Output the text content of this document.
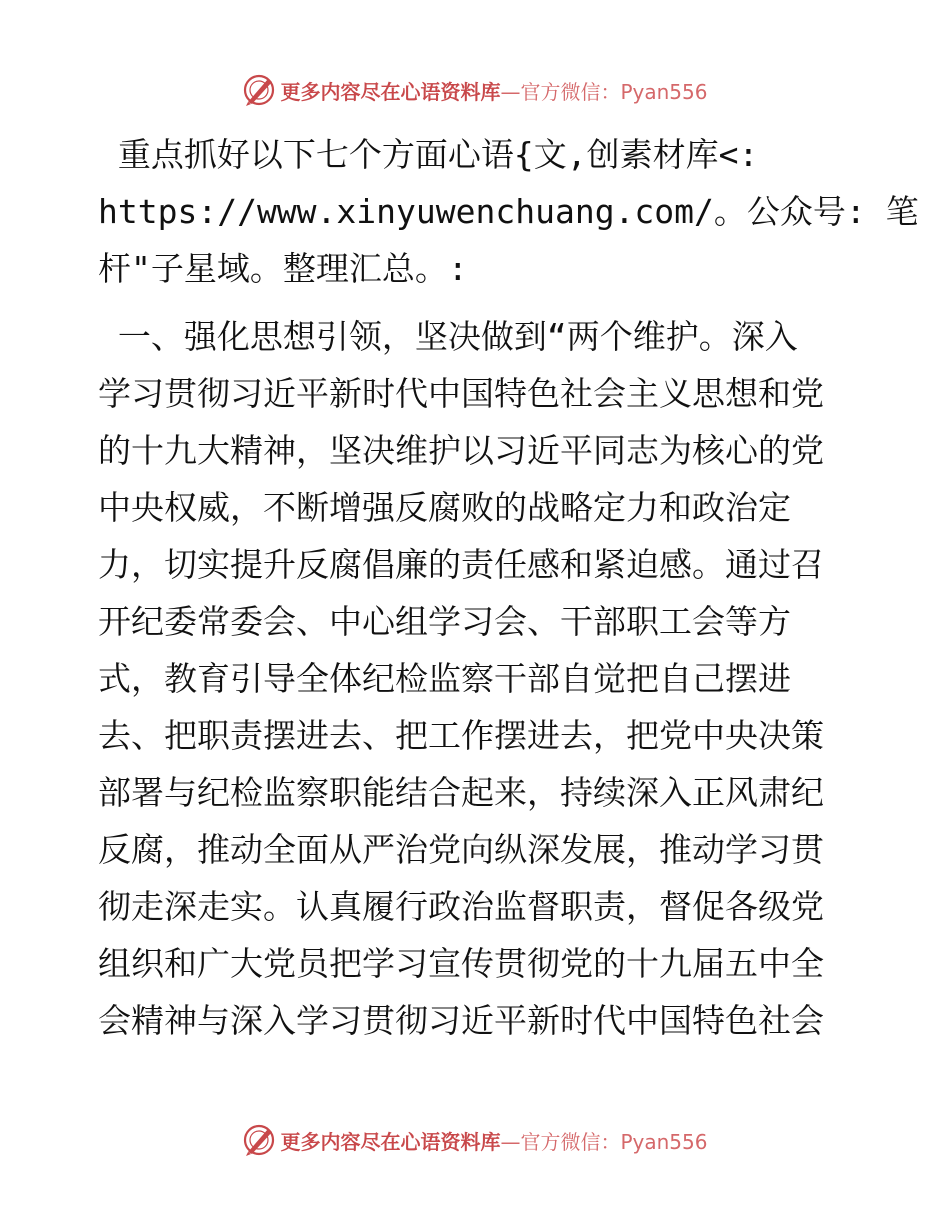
更多内容尽在心语资料库 —官方微信：Pyan556
重点抓好以下七个方面心语{文,创素材库<:
https://www.xinyuwenchuang.com/。公众号: 笔
杆"子星域。整理汇总。:
一、强化思想引领，坚决做到“两个维护。深入
学习贯彻习近平新时代中国特色社会主义思想和党
的十九大精神，坚决维护以习近平同志为核心的党
中央权威，不断增强反腐败的战略定力和政治定
力，切实提升反腐倡廉的责任感和紧迫感。通过召
开纪委常委会、中心组学习会、干部职工会等方
式，教育引导全体纪检监察干部自觉把自己摆进
去、把职责摆进去、把工作摆进去，把党中央决策
部署与纪检监察职能结合起来，持续深入正风肃纪
反腐，推动全面从严治党向纵深发展，推动学习贯
彻走深走实。认真履行政治监督职责，督促各级党
组织和广大党员把学习宣传贯彻党的十九届五中全
会精神与深入学习贯彻习近平新时代中国特色社会
更多内容尽在心语资料库 —官方微信：Pyan556
